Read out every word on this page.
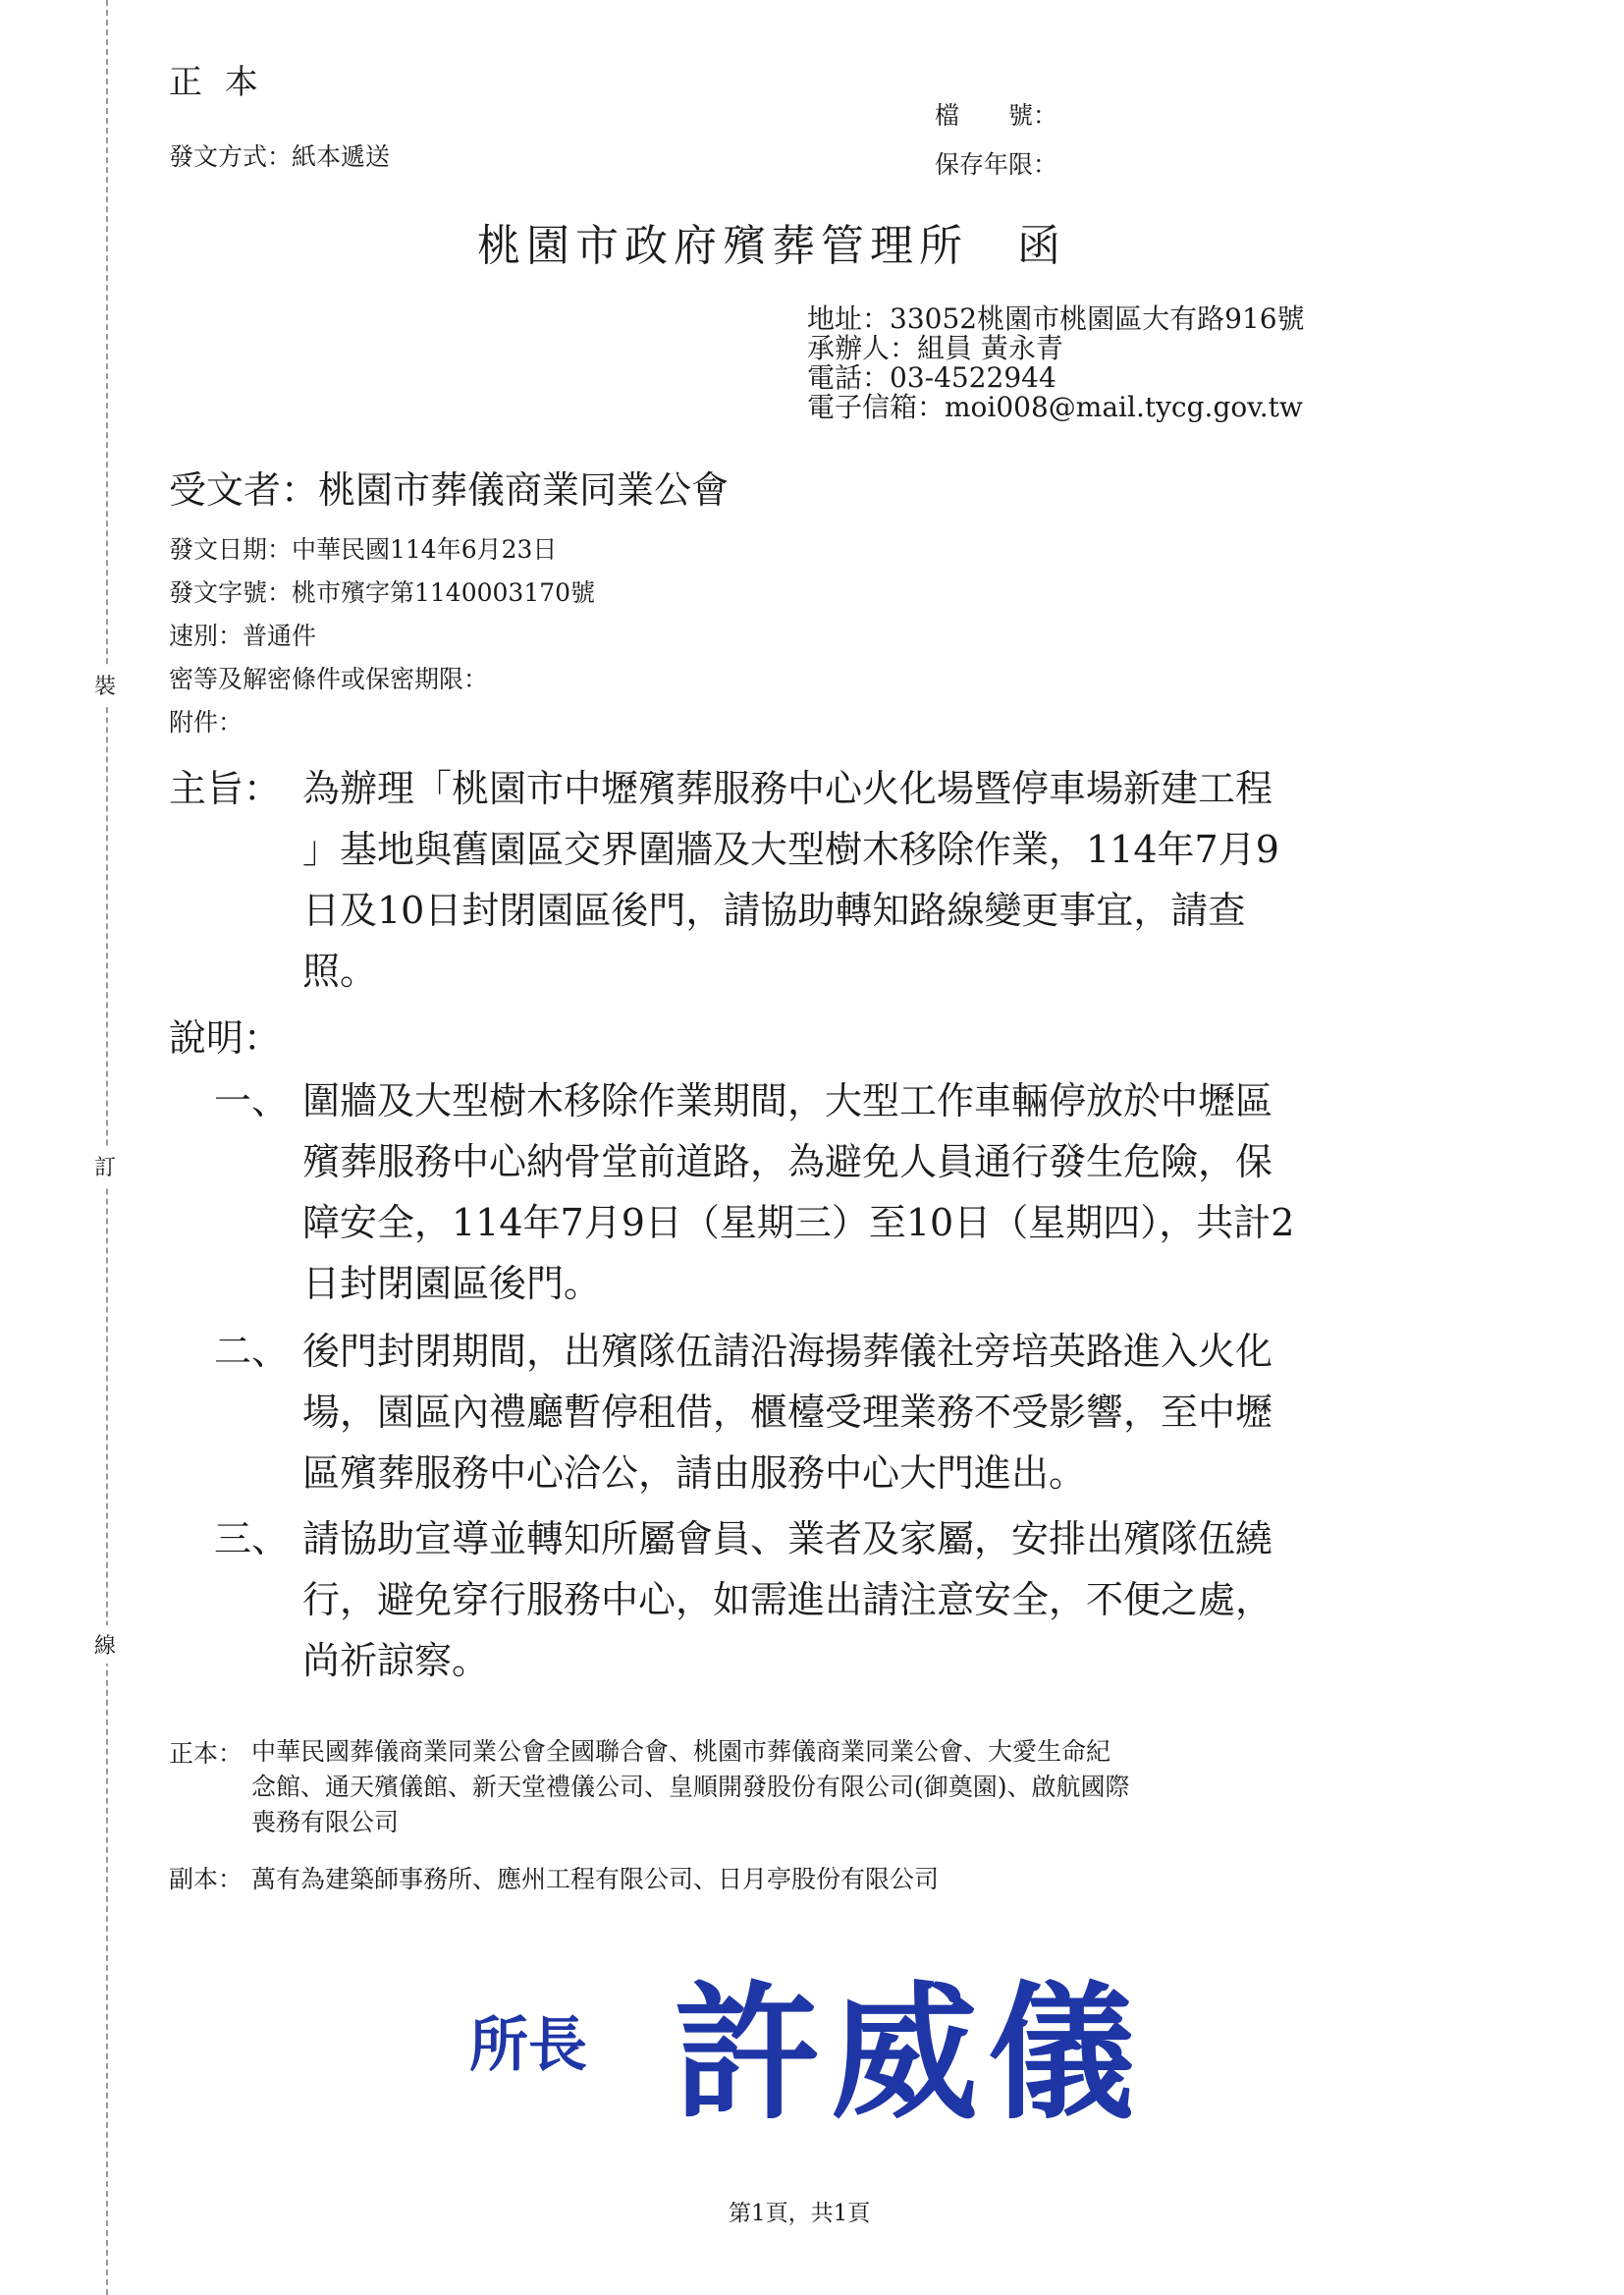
裝
訂
線
正 本
發文方式：紙本遞送
檔　　號：
保存年限：
桃園市政府殯葬管理所　函
地址：33052桃園市桃園區大有路916號
承辦人：組員 黃永青
電話：03-4522944
電子信箱：moi008@mail.tycg.gov.tw
受文者：桃園市葬儀商業同業公會
發文日期：中華民國114年6月23日
發文字號：桃市殯字第1140003170號
速別：普通件
密等及解密條件或保密期限：
附件：
主旨： 為辦理「桃園市中壢殯葬服務中心火化場暨停車場新建工程
」基地與舊園區交界圍牆及大型樹木移除作業，114年7月9
日及10日封閉園區後門，請協助轉知路線變更事宜，請查
照。
說明：
一、 圍牆及大型樹木移除作業期間，大型工作車輛停放於中壢區
殯葬服務中心納骨堂前道路，為避免人員通行發生危險，保
障安全，114年7月9日（星期三）至10日（星期四），共計2
日封閉園區後門。
二、 後門封閉期間，出殯隊伍請沿海揚葬儀社旁培英路進入火化
場，園區內禮廳暫停租借，櫃檯受理業務不受影響，至中壢
區殯葬服務中心洽公，請由服務中心大門進出。
三、 請協助宣導並轉知所屬會員、業者及家屬，安排出殯隊伍繞
行，避免穿行服務中心，如需進出請注意安全，不便之處，
尚祈諒察。
正本： 中華民國葬儀商業同業公會全國聯合會、桃園市葬儀商業同業公會、大愛生命紀
念館、通天殯儀館、新天堂禮儀公司、皇順開發股份有限公司(御奠園)、啟航國際
喪務有限公司
副本： 萬有為建築師事務所、應州工程有限公司、日月亭股份有限公司
所長 許威儀
第1頁，共1頁
